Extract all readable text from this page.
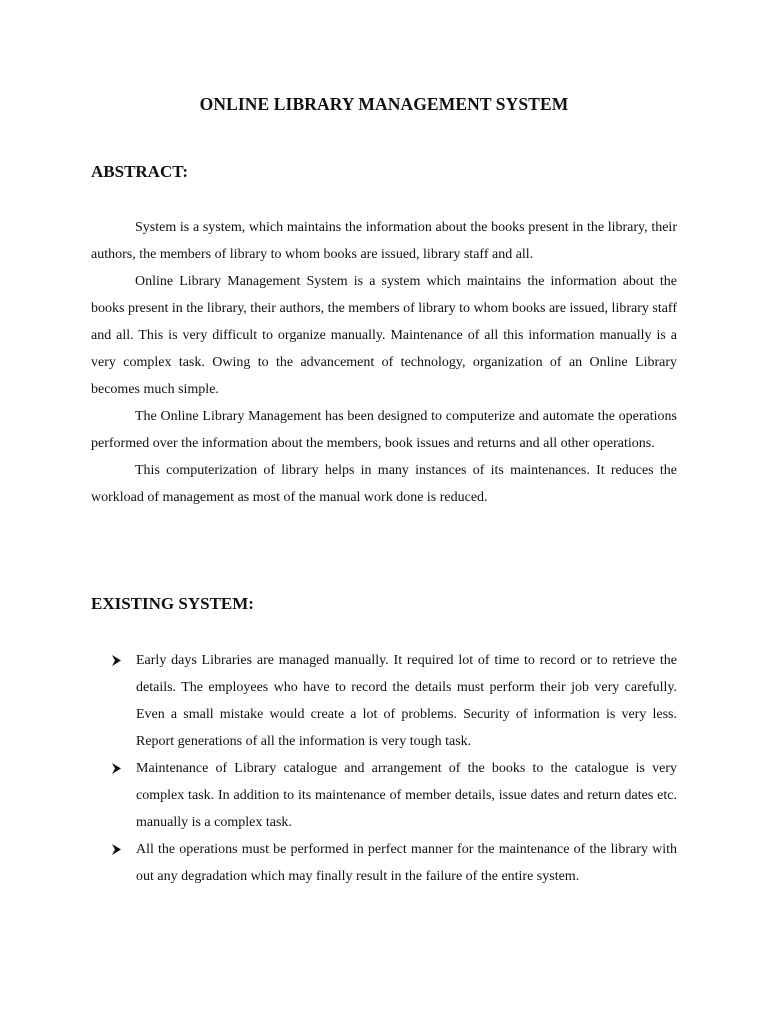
ONLINE LIBRARY MANAGEMENT SYSTEM
ABSTRACT:

System is a system, which maintains the information about the books present in the library, their authors, the members of library to whom books are issued, library staff and all.

Online Library Management System is a system which maintains the information about the books present in the library, their authors, the members of library to whom books are issued, library staff and all. This is very difficult to organize manually. Maintenance of all this information manually is a very complex task. Owing to the advancement of technology, organization of an Online Library becomes much simple.

The Online Library Management has been designed to computerize and automate the operations performed over the information about the members, book issues and returns and all other operations.

This computerization of library helps in many instances of its maintenances. It reduces the workload of management as most of the manual work done is reduced.

EXISTING SYSTEM:
Early days Libraries are managed manually. It required lot of time to record or to retrieve the details. The employees who have to record the details must perform their job very carefully. Even a small mistake would create a lot of problems. Security of information is very less. Report generations of all the information is very tough task.
Maintenance of Library catalogue and arrangement of the books to the catalogue is very complex task. In addition to its maintenance of member details, issue dates and return dates etc. manually is a complex task.
All the operations must be performed in perfect manner for the maintenance of the library with out any degradation which may finally result in the failure of the entire system.
